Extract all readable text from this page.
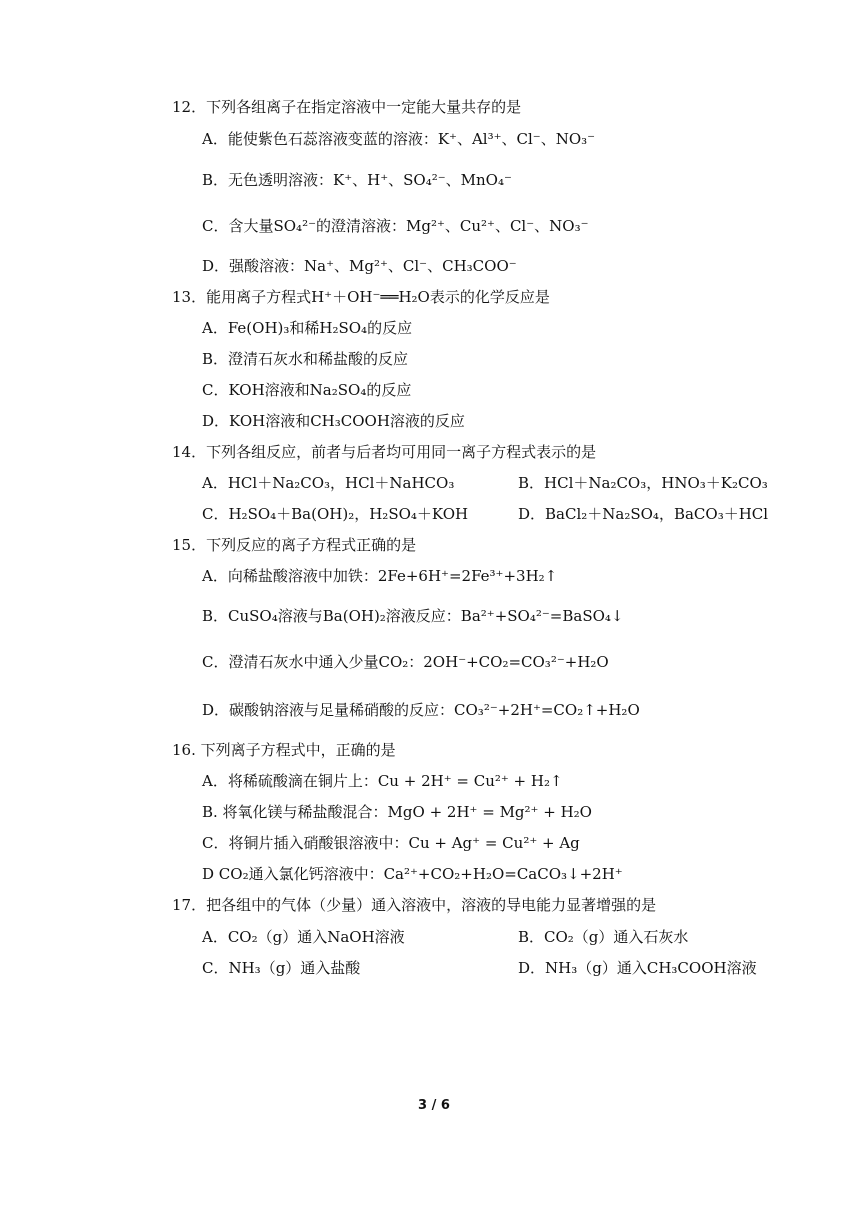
12．下列各组离子在指定溶液中一定能大量共存的是
A．能使紫色石蕊溶液变蓝的溶液：K⁺、Al³⁺、Cl⁻、NO₃⁻
B．无色透明溶液：K⁺、H⁺、SO₄²⁻、MnO₄⁻
C．含大量SO₄²⁻的澄清溶液：Mg²⁺、Cu²⁺、Cl⁻、NO₃⁻
D．强酸溶液：Na⁺、Mg²⁺、Cl⁻、CH₃COO⁻
13．能用离子方程式H⁺＋OH⁻══H₂O表示的化学反应是
A．Fe(OH)₃和稀H₂SO₄的反应
B．澄清石灰水和稀盐酸的反应
C．KOH溶液和Na₂SO₄的反应
D．KOH溶液和CH₃COOH溶液的反应
14．下列各组反应，前者与后者均可用同一离子方程式表示的是
A．HCl＋Na₂CO₃，HCl＋NaHCO₃	B．HCl＋Na₂CO₃，HNO₃＋K₂CO₃
C．H₂SO₄＋Ba(OH)₂，H₂SO₄＋KOH	D．BaCl₂＋Na₂SO₄，BaCO₃＋HCl
15．下列反应的离子方程式正确的是
A．向稀盐酸溶液中加铁：2Fe+6H⁺=2Fe³⁺+3H₂↑
B．CuSO₄溶液与Ba(OH)₂溶液反应：Ba²⁺+SO₄²⁻=BaSO₄↓
C．澄清石灰水中通入少量CO₂：2OH⁻+CO₂=CO₃²⁻+H₂O
D．碳酸钠溶液与足量稀硝酸的反应：CO₃²⁻+2H⁺=CO₂↑+H₂O
16. 下列离子方程式中，正确的是
A．将稀硫酸滴在铜片上：Cu + 2H⁺ = Cu²⁺ + H₂↑
B. 将氧化镁与稀盐酸混合：MgO + 2H⁺ = Mg²⁺ + H₂O
C．将铜片插入硝酸银溶液中：Cu + Ag⁺ = Cu²⁺ + Ag
D CO₂通入氯化钙溶液中：Ca²⁺+CO₂+H₂O=CaCO₃↓+2H⁺
17．把各组中的气体（少量）通入溶液中，溶液的导电能力显著增强的是
A．CO₂（g）通入NaOH溶液	B．CO₂（g）通入石灰水
C．NH₃（g）通入盐酸	D．NH₃（g）通入CH₃COOH溶液
3 / 6
